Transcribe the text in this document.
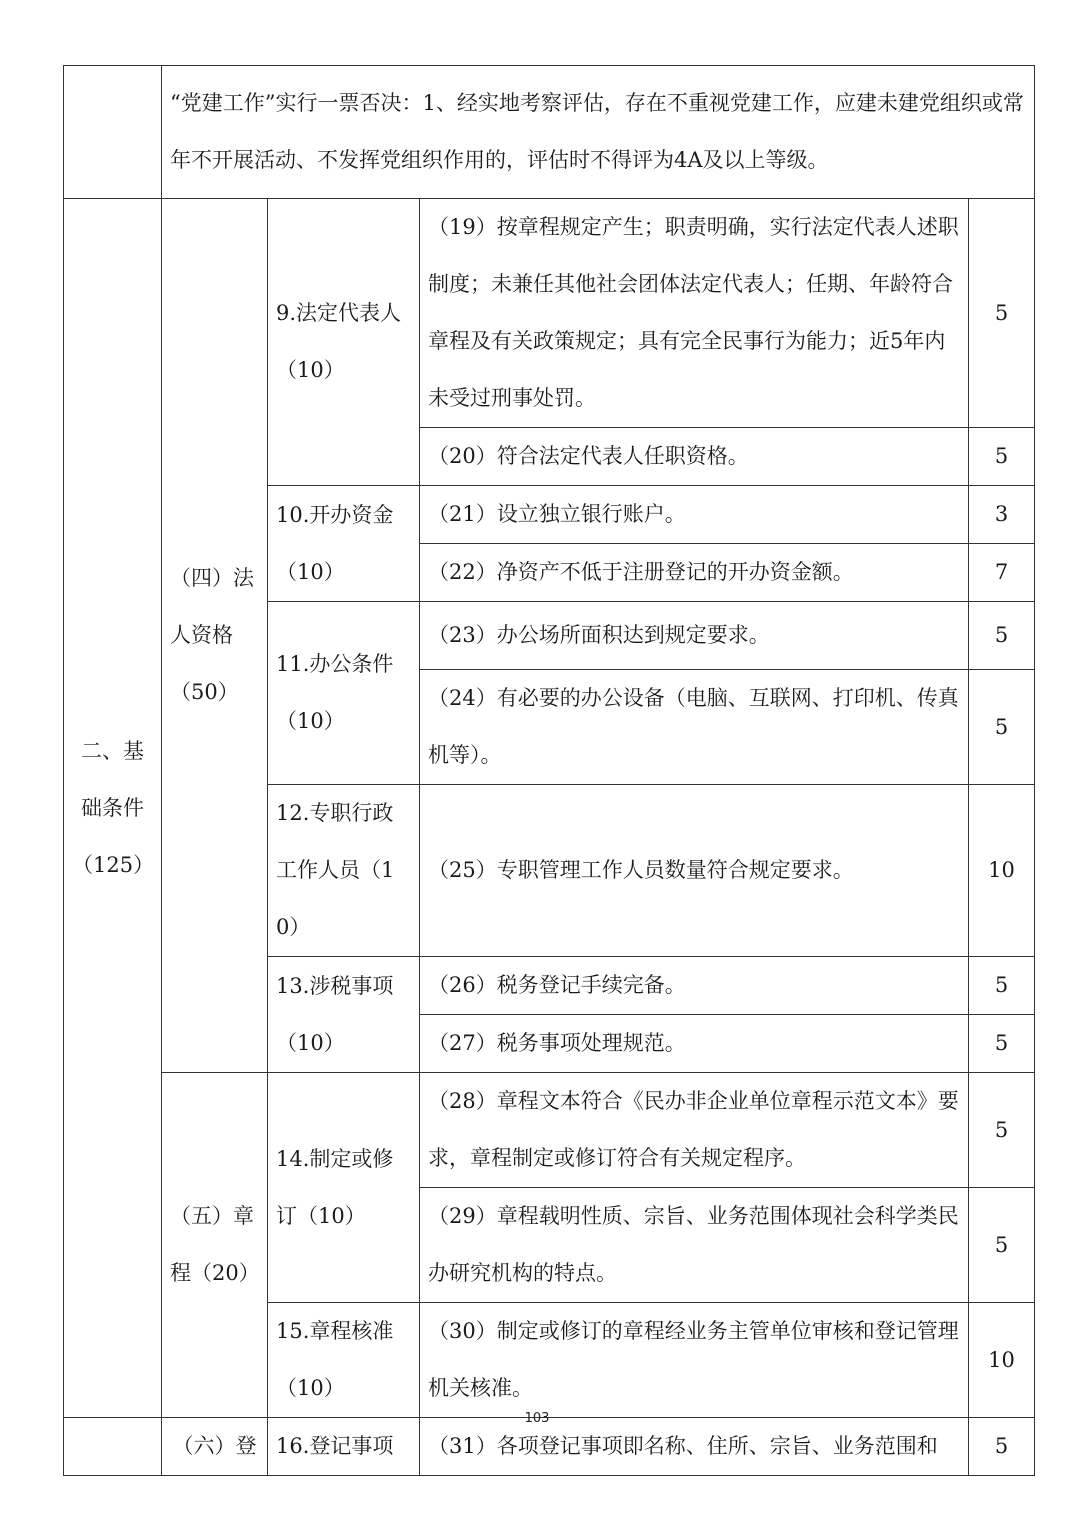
	“党建工作”实行一票否决：1、经实地考察评估，存在不重视党建工作，应建未建党组织或常年不开展活动、不发挥党组织作用的，评估时不得评为4A及以上等级。			
二、基础条件（125）	（四）法人资格（50）	9.法定代表人（10）	（19）按章程规定产生；职责明确，实行法定代表人述职制度；未兼任其他社会团体法定代表人；任期、年龄符合章程及有关政策规定；具有完全民事行为能力；近5年内未受过刑事处罚。	5
			（20）符合法定代表人任职资格。	5
		10.开办资金（10）	（21）设立独立银行账户。	3
			（22）净资产不低于注册登记的开办资金额。	7
		11.办公条件（10）	（23）办公场所面积达到规定要求。	5
			（24）有必要的办公设备（电脑、互联网、打印机、传真机等）。	5
		12.专职行政工作人员（10）	（25）专职管理工作人员数量符合规定要求。	10
		13.涉税事项（10）	（26）税务登记手续完备。	5
			（27）税务事项处理规范。	5
	（五）章程（20）	14.制定或修订（10）	（28）章程文本符合《民办非企业单位章程示范文本》要求，章程制定或修订符合有关规定程序。	5
			（29）章程载明性质、宗旨、业务范围体现社会科学类民办研究机构的特点。	5
		15.章程核准（10）	（30）制定或修订的章程经业务主管单位审核和登记管理机关核准。	10
	（六）登	16.登记事项	（31）各项登记事项即名称、住所、宗旨、业务范围和	5
103
